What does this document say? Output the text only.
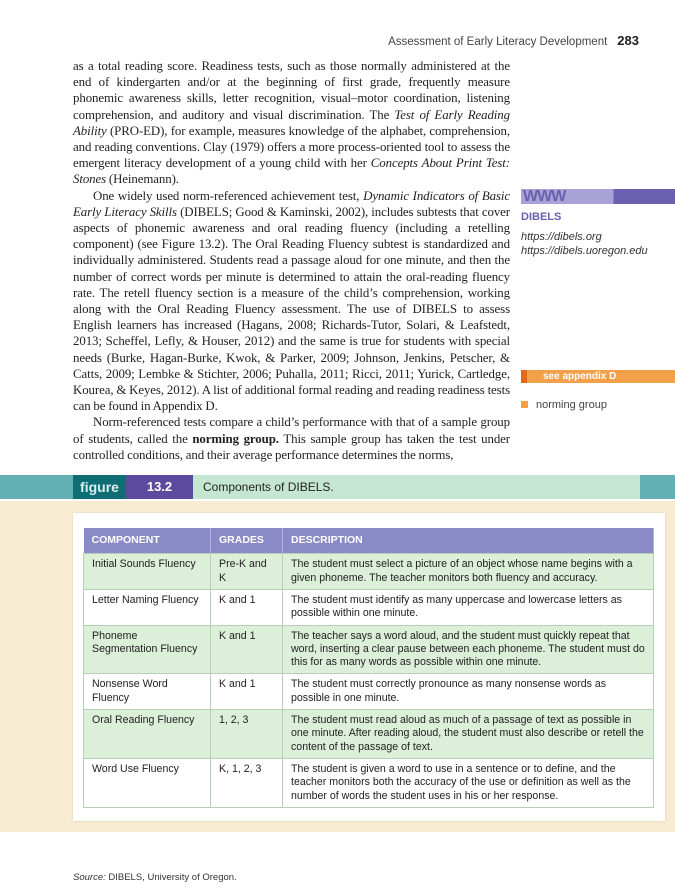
Assessment of Early Literacy Development 283

as a total reading score. Readiness tests, such as those normally administered at the end of kindergarten and/or at the beginning of first grade, frequently measure phonemic awareness skills, letter recognition, visual–motor coordination, listening comprehension, and auditory and visual discrimination. The Test of Early Reading Ability (PRO-ED), for example, measures knowledge of the alphabet, comprehension, and reading conventions. Clay (1979) offers a more process-oriented tool to assess the emergent literacy development of a young child with her Concepts About Print Test: Stones (Heinemann).

One widely used norm-referenced achievement test, Dynamic Indicators of Basic Early Literacy Skills (DIBELS; Good & Kaminski, 2002), includes subtests that cover aspects of phonemic awareness and oral reading fluency (including a retelling component) (see Figure 13.2). The Oral Reading Fluency subtest is standardized and individually administered. Students read a passage aloud for one minute, and then the number of correct words per minute is determined to attain the oral-reading fluency rate. The retell fluency section is a measure of the child’s comprehension, working along with the Oral Reading Fluency assessment. The use of DIBELS to assess English learners has increased (Hagans, 2008; Richards-Tutor, Solari, & Leafstedt, 2013; Scheffel, Lefly, & Houser, 2012) and the same is true for students with special needs (Burke, Hagan-Burke, Kwok, & Parker, 2009; Johnson, Jenkins, Petscher, & Catts, 2009; Lembke & Stichter, 2006; Puhalla, 2011; Ricci, 2011; Yurick, Cartledge, Kourea, & Keyes, 2012). A list of additional formal reading and reading readiness tests can be found in Appendix D.

Norm-referenced tests compare a child’s performance with that of a sample group of students, called the norming group. This sample group has taken the test under controlled conditions, and their average performance determines the norms,

WWW
DIBELS
https://dibels.org
https://dibels.uoregon.edu
see appendix D
norming group
figure	13.2	Components of DIBELS.
COMPONENT	GRADES	DESCRIPTION
Initial Sounds Fluency	Pre-K and K	The student must select a picture of an object whose name begins with a given phoneme. The teacher monitors both fluency and accuracy.
Letter Naming Fluency	K and 1	The student must identify as many uppercase and lowercase letters as possible within one minute.
Phoneme Segmentation Fluency	K and 1	The teacher says a word aloud, and the student must quickly repeat that word, inserting a clear pause between each phoneme. The student must do this for as many words as possible within one minute.
Nonsense Word Fluency	K and 1	The student must correctly pronounce as many nonsense words as possible in one minute.
Oral Reading Fluency	1, 2, 3	The student must read aloud as much of a passage of text as possible in one minute. After reading aloud, the student must also describe or retell the content of the passage of text.
Word Use Fluency	K, 1, 2, 3	The student is given a word to use in a sentence or to define, and the teacher monitors both the accuracy of the use or definition as well as the number of words the student uses in his or her response.
Source: DIBELS, University of Oregon.
